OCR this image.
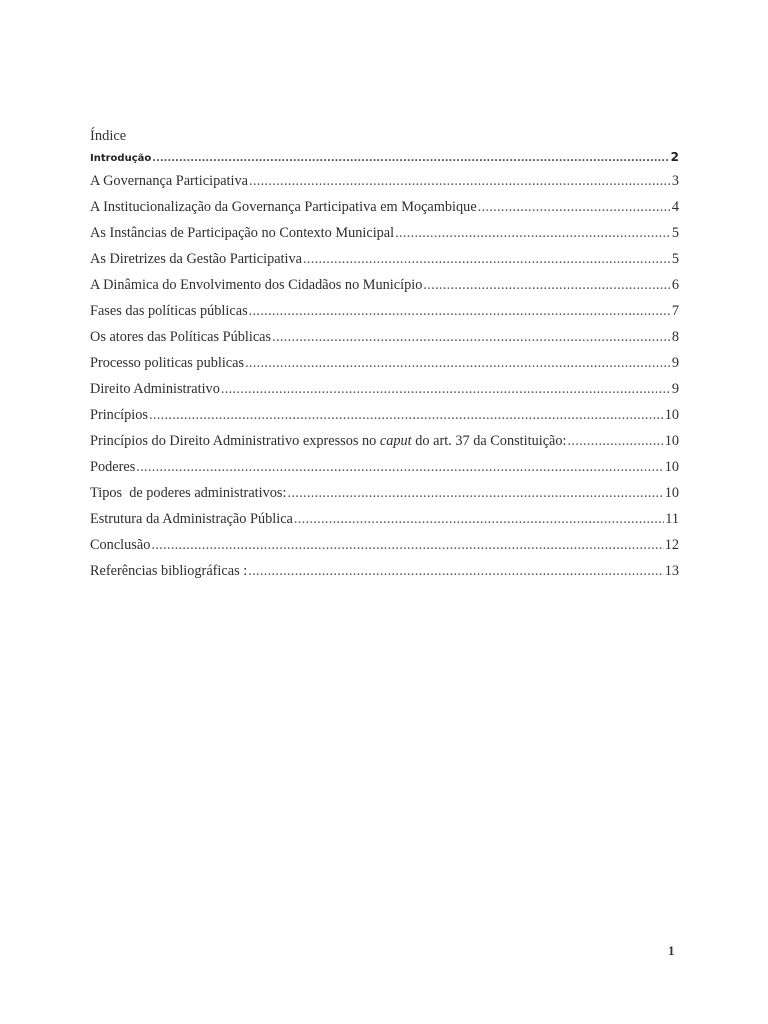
Índice
Introdução .....	2
A Governança Participativa .....	3
A Institucionalização da Governança Participativa em Moçambique .....	4
As Instâncias de Participação no Contexto Municipal .....	5
As Diretrizes da Gestão Participativa .....	5
A Dinâmica do Envolvimento dos Cidadãos no Município .....	6
Fases das políticas públicas .....	7
Os atores das Políticas Públicas .....	8
Processo politicas publicas .....	9
Direito Administrativo .....	9
Princípios .....	10
Princípios do Direito Administrativo expressos no caput do art. 37 da Constituição: .....	10
Poderes .....	10
Tipos  de poderes administrativos: .....	10
Estrutura da Administração Pública .....	11
Conclusão .....	12
Referências bibliográficas : .....	13
1
